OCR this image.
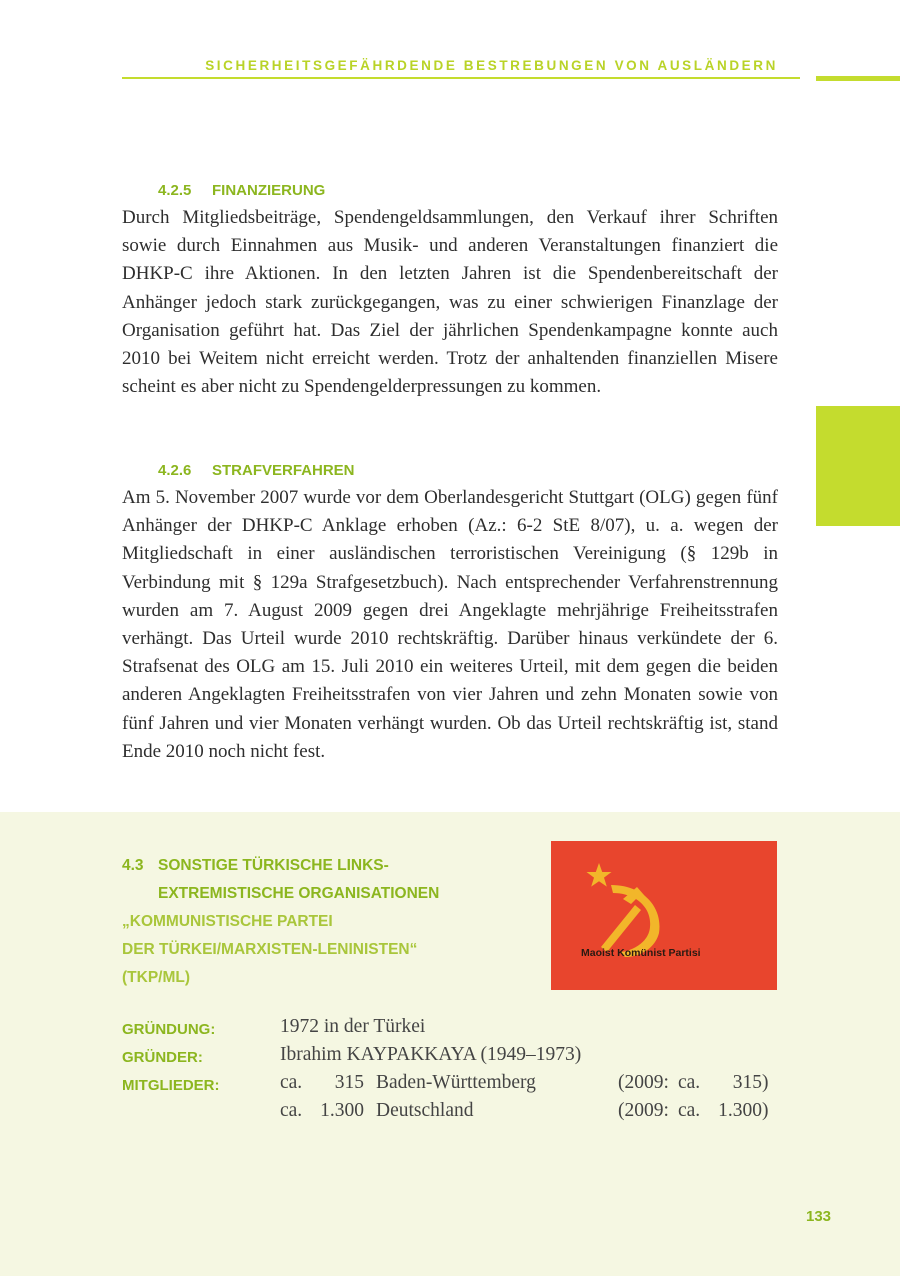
SICHERHEITSGEFÄHRDENDE BESTREBUNGEN VON AUSLÄNDERN
4.2.5 FINANZIERUNG
Durch Mitgliedsbeiträge, Spendengeldsammlungen, den Verkauf ihrer Schriften sowie durch Einnahmen aus Musik- und anderen Veranstaltungen finanziert die DHKP-C ihre Aktionen. In den letzten Jahren ist die Spendenbereitschaft der Anhänger jedoch stark zurückgegangen, was zu einer schwierigen Finanzlage der Organisation geführt hat. Das Ziel der jährlichen Spendenkampagne konnte auch 2010 bei Weitem nicht erreicht werden. Trotz der anhaltenden finanziellen Misere scheint es aber nicht zu Spendengelderpressungen zu kommen.
4.2.6 STRAFVERFAHREN
Am 5. November 2007 wurde vor dem Oberlandesgericht Stuttgart (OLG) gegen fünf Anhänger der DHKP-C Anklage erhoben (Az.: 6-2 StE 8/07), u. a. wegen der Mitgliedschaft in einer ausländischen terroristischen Vereinigung (§ 129b in Verbindung mit § 129a Strafgesetzbuch). Nach entsprechender Verfahrenstrennung wurden am 7. August 2009 gegen drei Angeklagte mehrjährige Freiheitsstrafen verhängt. Das Urteil wurde 2010 rechtskräftig. Darüber hinaus verkündete der 6. Strafsenat des OLG am 15. Juli 2010 ein weiteres Urteil, mit dem gegen die beiden anderen Angeklagten Freiheitsstrafen von vier Jahren und zehn Monaten sowie von fünf Jahren und vier Monaten verhängt wurden. Ob das Urteil rechtskräftig ist, stand Ende 2010 noch nicht fest.
4.3 SONSTIGE TÜRKISCHE LINKS-
EXTREMISTISCHE ORGANISATIONEN
„KOMMUNISTISCHE PARTEI
DER TÜRKEI/MARXISTEN-LENINISTEN“
(TKP/ML)
Maoist Komünist Partisi
GRÜNDUNG:	1972 in der Türkei
GRÜNDER:	Ibrahim KAYPAKKAYA (1949–1973)
MITGLIEDER:	ca.	315 Baden-Württemberg	(2009: ca.	315 )
ca. 1.300 Deutschland	(2009: ca. 1.300 )
133
